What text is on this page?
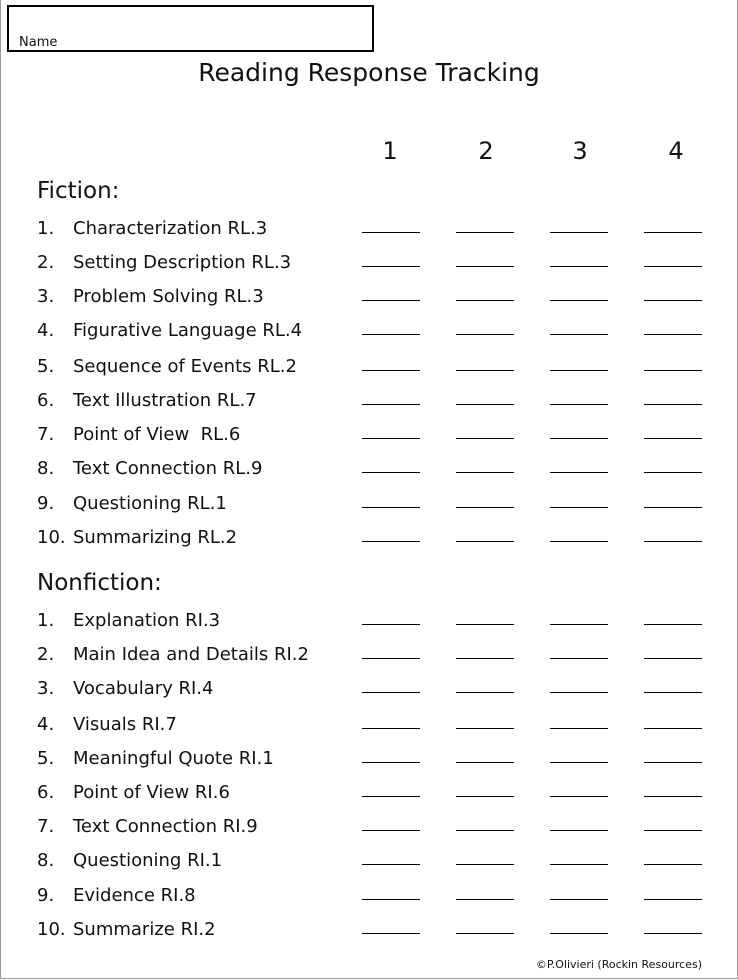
Name
Reading Response Tracking
1	2	3	4
Fiction:
1. Characterization RL.3
2. Setting Description RL.3
3. Problem Solving RL.3
4. Figurative Language RL.4
5. Sequence of Events RL.2
6. Text Illustration RL.7
7. Point of View  RL.6
8. Text Connection RL.9
9. Questioning RL.1
10. Summarizing RL.2
Nonfiction:
1. Explanation RI.3
2. Main Idea and Details RI.2
3. Vocabulary RI.4
4. Visuals RI.7
5. Meaningful Quote RI.1
6. Point of View RI.6
7. Text Connection RI.9
8. Questioning RI.1
9. Evidence RI.8
10. Summarize RI.2
©P.Olivieri (Rockin Resources)
